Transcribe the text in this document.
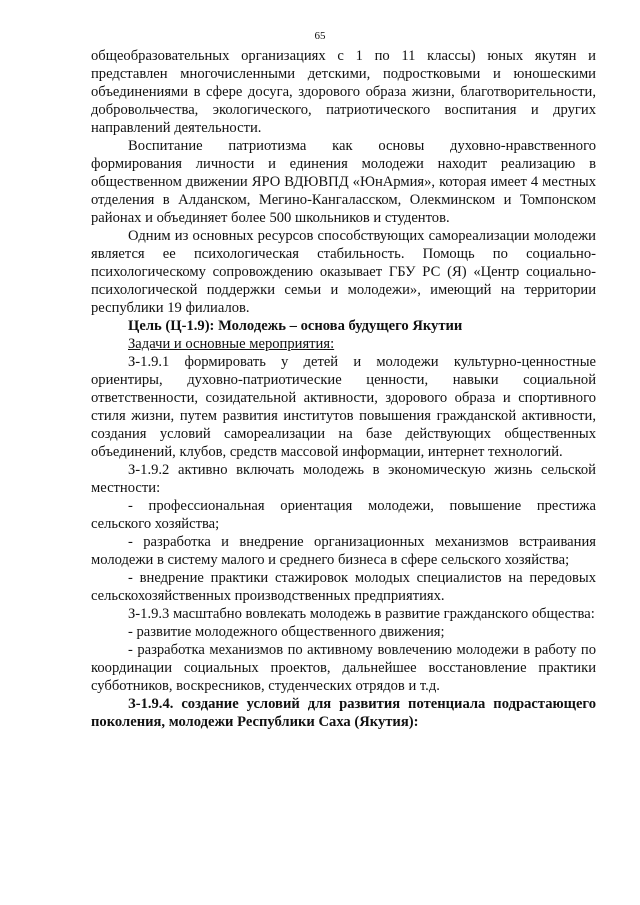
65

общеобразовательных организациях с 1 по 11 классы) юных якутян и представлен многочисленными детскими, подростковыми и юношескими объединениями в сфере досуга, здорового образа жизни, благотворительности, добровольчества, экологического, патриотического воспитания и других направлений деятельности.

Воспитание патриотизма как основы духовно-нравственного формирования личности и единения молодежи находит реализацию в общественном движении ЯРО ВДЮВПД «ЮнАрмия», которая имеет 4 местных отделения в Алданском, Мегино-Кангаласском, Олекминском и Томпонском районах и объединяет более 500 школьников и студентов.

Одним из основных ресурсов способствующих самореализации молодежи является ее психологическая стабильность. Помощь по социально-психологическому сопровождению оказывает ГБУ РС (Я) «Центр социально-психологической поддержки семьи и молодежи», имеющий на территории республики 19 филиалов.

Цель (Ц-1.9): Молодежь – основа будущего Якутии

Задачи и основные мероприятия:

З-1.9.1 формировать у детей и молодежи культурно-ценностные ориентиры, духовно-патриотические ценности, навыки социальной ответственности, созидательной активности, здорового образа и спортивного стиля жизни, путем развития институтов повышения гражданской активности, создания условий самореализации на базе действующих общественных объединений, клубов, средств массовой информации, интернет технологий.

З-1.9.2 активно включать молодежь в экономическую жизнь сельской местности:

- профессиональная ориентация молодежи, повышение престижа сельского хозяйства;

- разработка и внедрение организационных механизмов встраивания молодежи в систему малого и среднего бизнеса в сфере сельского хозяйства;

- внедрение практики стажировок молодых специалистов на передовых сельскохозяйственных производственных предприятиях.

З-1.9.3 масштабно вовлекать молодежь в развитие гражданского общества:

- развитие молодежного общественного движения;

- разработка механизмов по активному вовлечению молодежи в работу по координации социальных проектов, дальнейшее восстановление практики субботников, воскресников, студенческих отрядов и т.д.

З-1.9.4. создание условий для развития потенциала подрастающего поколения, молодежи Республики Саха (Якутия):
